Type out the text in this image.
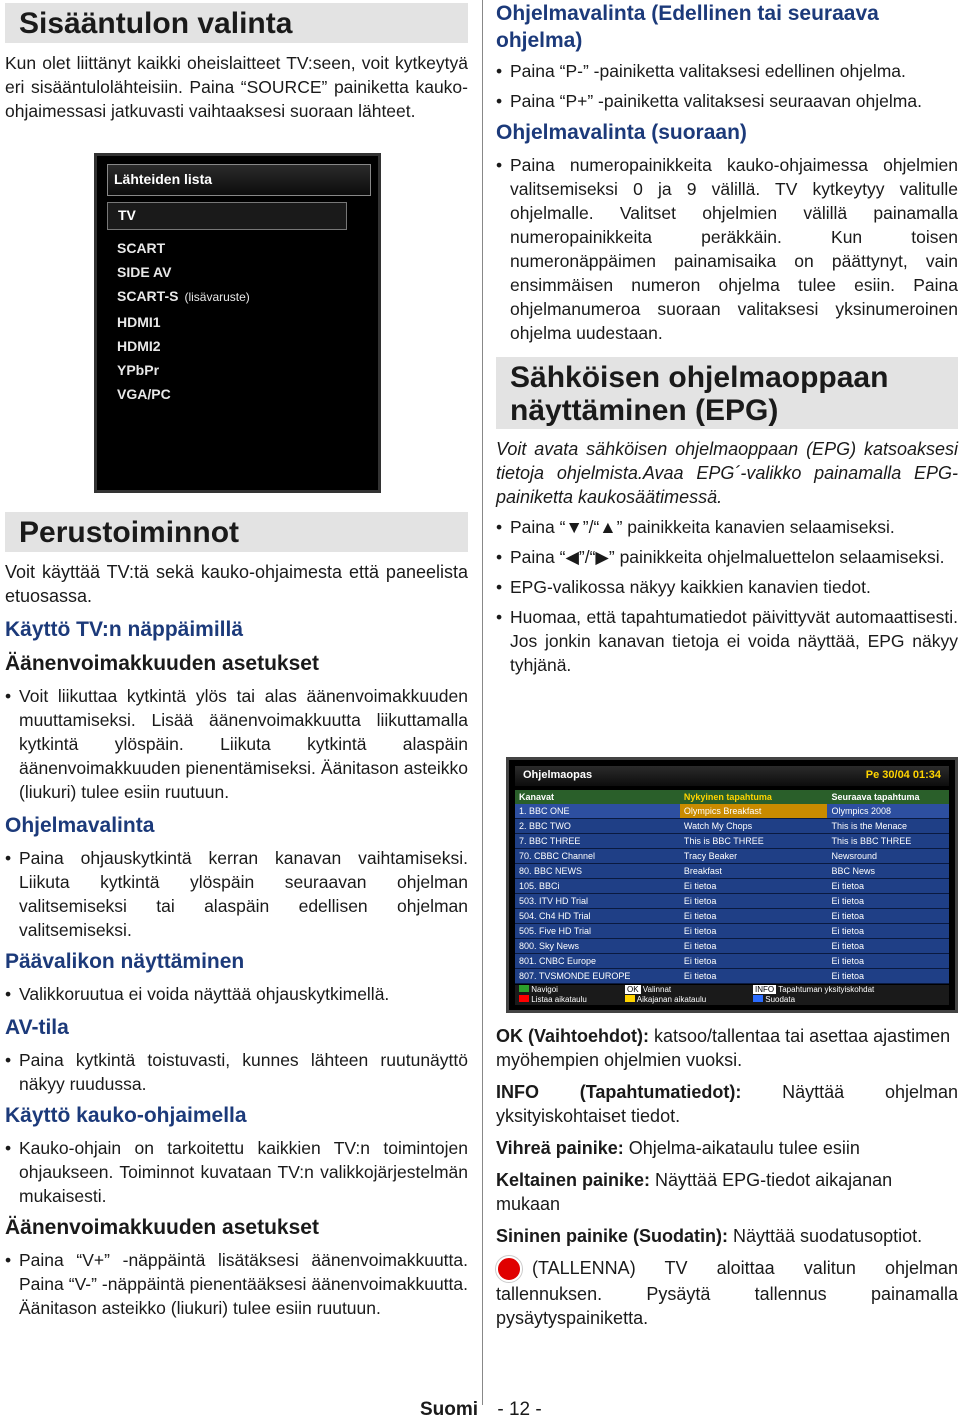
Sisääntulon valinta

Kun olet liittänyt kaikki oheislaitteet TV:seen, voit kytkeytyä eri sisääntulolähteisiin. Paina “SOURCE” painiketta kauko-ohjaimessasi jatkuvasti vaihtaaksesi suoraan lähteet.

Lähteiden lista
TV
SCART
SIDE AV
SCART-S (lisävaruste)
HDMI1
HDMI2
YPbPr
VGA/PC
Perustoiminnot

Voit käyttää TV:tä sekä kauko-ohjaimesta että paneelista etuosassa.

Käyttö TV:n näppäimillä
Äänenvoimakkuuden asetukset
• Voit liikuttaa kytkintä ylös tai alas äänenvoimakkuuden muuttamiseksi. Lisää äänenvoimakkuutta liikuttamalla kytkintä ylöspäin. Liikuta kytkintä alaspäin äänenvoimakkuuden pienentämiseksi. Äänitason asteikko (liukuri) tulee esiin ruutuun.
Ohjelmavalinta
• Paina ohjauskytkintä kerran kanavan vaihtamiseksi. Liikuta kytkintä ylöspäin seuraavan ohjelman valitsemiseksi tai alaspäin edellisen ohjelman valitsemiseksi.
Päävalikon näyttäminen
• Valikkoruutua ei voida näyttää ohjauskytkimellä.
AV-tila
• Paina kytkintä toistuvasti, kunnes lähteen ruutunäyttö näkyy ruudussa.
Käyttö kauko-ohjaimella
• Kauko-ohjain on tarkoitettu kaikkien TV:n toimintojen ohjaukseen. Toiminnot kuvataan TV:n valikkojärjestelmän mukaisesti.
Äänenvoimakkuuden asetukset
• Paina “V+” -näppäintä lisätäksesi äänenvoimakkuutta. Paina “V-” -näppäintä pienentääksesi äänenvoimakkuutta. Äänitason asteikko (liukuri) tulee esiin ruutuun.
Ohjelmavalinta (Edellinen tai seuraava ohjelma)
• Paina “P-” -painiketta valitaksesi edellinen ohjelma.
• Paina “P+” -painiketta valitaksesi seuraavan ohjelma.
Ohjelmavalinta (suoraan)
• Paina numeropainikkeita kauko-ohjaimessa ohjelmien valitsemiseksi 0 ja 9 välillä. TV kytkeytyy valitulle ohjelmalle. Valitset ohjelmien välillä painamalla numeropainikkeita peräkkäin. Kun toisen numeronäppäimen painamisaika on päättynyt, vain ensimmäisen numeron ohjelma tulee esiin. Paina ohjelmanumeroa suoraan valitaksesi yksinumeroinen ohjelma uudestaan.
Sähköisen ohjelmaoppaan näyttäminen (EPG)

Voit avata sähköisen ohjelmaoppaan (EPG) katsoaksesi tietoja ohjelmista.Avaa EPG´-valikko painamalla EPG-painiketta kaukosäätimessä.

• Paina “▼”/“▲” painikkeita kanavien selaamiseksi.
• Paina “◀”/“▶” painikkeita ohjelmaluettelon selaamiseksi.
• EPG-valikossa näkyy kaikkien kanavien tiedot.
• Huomaa, että tapahtumatiedot päivittyvät automaattisesti. Jos jonkin kanavan tietoja ei voida näyttää, EPG näkyy tyhjänä.
Ohjelmaopas	Pe 30/04 01:34
Kanavat	Nykyinen tapahtuma	Seuraava tapahtuma
1. BBC ONE	Olympics Breakfast	Olympics 2008
2. BBC TWO	Watch My Chops	This is the Menace
7. BBC THREE	This is BBC THREE	This is BBC THREE
70. CBBC Channel	Tracy Beaker	Newsround
80. BBC NEWS	Breakfast	BBC News
105. BBCi	Ei tietoa	Ei tietoa
503. ITV HD Trial	Ei tietoa	Ei tietoa
504. Ch4 HD Trial	Ei tietoa	Ei tietoa
505. Five HD Trial	Ei tietoa	Ei tietoa
800. Sky News	Ei tietoa	Ei tietoa
801. CNBC Europe	Ei tietoa	Ei tietoa
807. TVSMONDE EUROPE	Ei tietoa	Ei tietoa
Navigoi
Listaa aikataulu
OK Valinnat
Aikajanan aikataulu
INFO Tapahtuman yksityiskohdat
Suodata

OK (Vaihtoehdot): katsoo/tallentaa tai asettaa ajastimen myöhempien ohjelmien vuoksi.

INFO (Tapahtumatiedot): Näyttää ohjelman yksityiskohtaiset tiedot.

Vihreä painike: Ohjelma-aikataulu tulee esiin

Keltainen painike: Näyttää EPG-tiedot aikajanan mukaan

Sininen painike (Suodatin): Näyttää suodatusoptiot.

(TALLENNA) TV aloittaa valitun ohjelman tallennuksen. Pysäytä tallennus painamalla pysäytyspainiketta.

Suomi - 12 -
